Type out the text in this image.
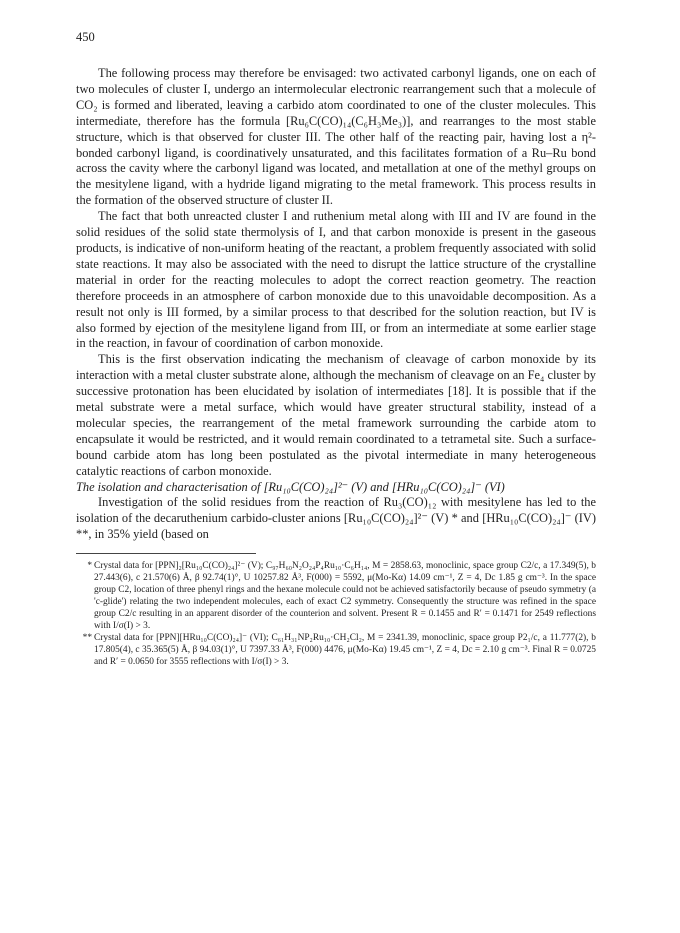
450

The following process may therefore be envisaged: two activated carbonyl ligands, one on each of two molecules of cluster I, undergo an intermolecular electronic rearrangement such that a molecule of CO₂ is formed and liberated, leaving a carbido atom coordinated to one of the cluster molecules. This intermediate, therefore has the formula [Ru₆C(CO)₁₄(C₆H₃Me₃)], and rearranges to the most stable structure, which is that observed for cluster III. The other half of the reacting pair, having lost a η²-bonded carbonyl ligand, is coordinatively unsaturated, and this facilitates formation of a Ru–Ru bond across the cavity where the carbonyl ligand was located, and metallation at one of the methyl groups on the mesitylene ligand, with a hydride ligand migrating to the metal framework. This process results in the formation of the observed structure of cluster II.

The fact that both unreacted cluster I and ruthenium metal along with III and IV are found in the solid residues of the solid state thermolysis of I, and that carbon monoxide is present in the gaseous products, is indicative of non-uniform heating of the reactant, a problem frequently associated with solid state reactions. It may also be associated with the need to disrupt the lattice structure of the crystalline material in order for the reacting molecules to adopt the correct reaction geometry. The reaction therefore proceeds in an atmosphere of carbon monoxide due to this unavoidable decomposition. As a result not only is III formed, by a similar process to that described for the solution reaction, but IV is also formed by ejection of the mesitylene ligand from III, or from an intermediate at some earlier stage in the reaction, in favour of coordination of carbon monoxide.

This is the first observation indicating the mechanism of cleavage of carbon monoxide by its interaction with a metal cluster substrate alone, although the mechanism of cleavage on an Fe₄ cluster by successive protonation has been elucidated by isolation of intermediates [18]. It is possible that if the metal substrate were a metal surface, which would have greater structural stability, instead of a molecular species, the rearrangement of the metal framework surrounding the carbide atom to encapsulate it would be restricted, and it would remain coordinated to a tetrametal site. Such a surface-bound carbide atom has long been postulated as the pivotal intermediate in many heterogeneous catalytic reactions of carbon monoxide.

The isolation and characterisation of [Ru₁₀C(CO)₂₄]²⁻ (V) and [HRu₁₀C(CO)₂₄]⁻ (VI)

Investigation of the solid residues from the reaction of Ru₃(CO)₁₂ with mesitylene has led to the isolation of the decaruthenium carbido-cluster anions [Ru₁₀C(CO)₂₄]²⁻ (V) * and [HRu₁₀C(CO)₂₄]⁻ (IV) **, in 35% yield (based on

* Crystal data for [PPN]₂[Ru₁₀C(CO)₂₄]²⁻ (V); C₉₇H₆₀N₂O₂₄P₄Ru₁₀·C₆H₁₄, M = 2858.63, monoclinic, space group C2/c, a 17.349(5), b 27.443(6), c 21.570(6) Å, β 92.74(1)°, U 10257.82 Å³, F(000) = 5592, μ(Mo-Kα) 14.09 cm⁻¹, Z = 4, Dc 1.85 g cm⁻³. In the space group C2, location of three phenyl rings and the hexane molecule could not be achieved satisfactorily because of pseudo symmetry (a 'c-glide') relating the two independent molecules, each of exact C2 symmetry. Consequently the structure was refined in the space group C2/c resulting in an apparent disorder of the counterion and solvent. Present R = 0.1455 and R′ = 0.1471 for 2549 reflections with I/σ(I) > 3.

** Crystal data for [PPN][HRu₁₀C(CO)₂₄]⁻ (VI); C₆₁H₃₁NP₂Ru₁₀·CH₂Cl₂, M = 2341.39, monoclinic, space group P2₁/c, a 11.777(2), b 17.805(4), c 35.365(5) Å, β 94.03(1)°, U 7397.33 Å³, F(000) 4476, μ(Mo-Kα) 19.45 cm⁻¹, Z = 4, Dc = 2.10 g cm⁻³. Final R = 0.0725 and R′ = 0.0650 for 3555 reflections with I/σ(I) > 3.
